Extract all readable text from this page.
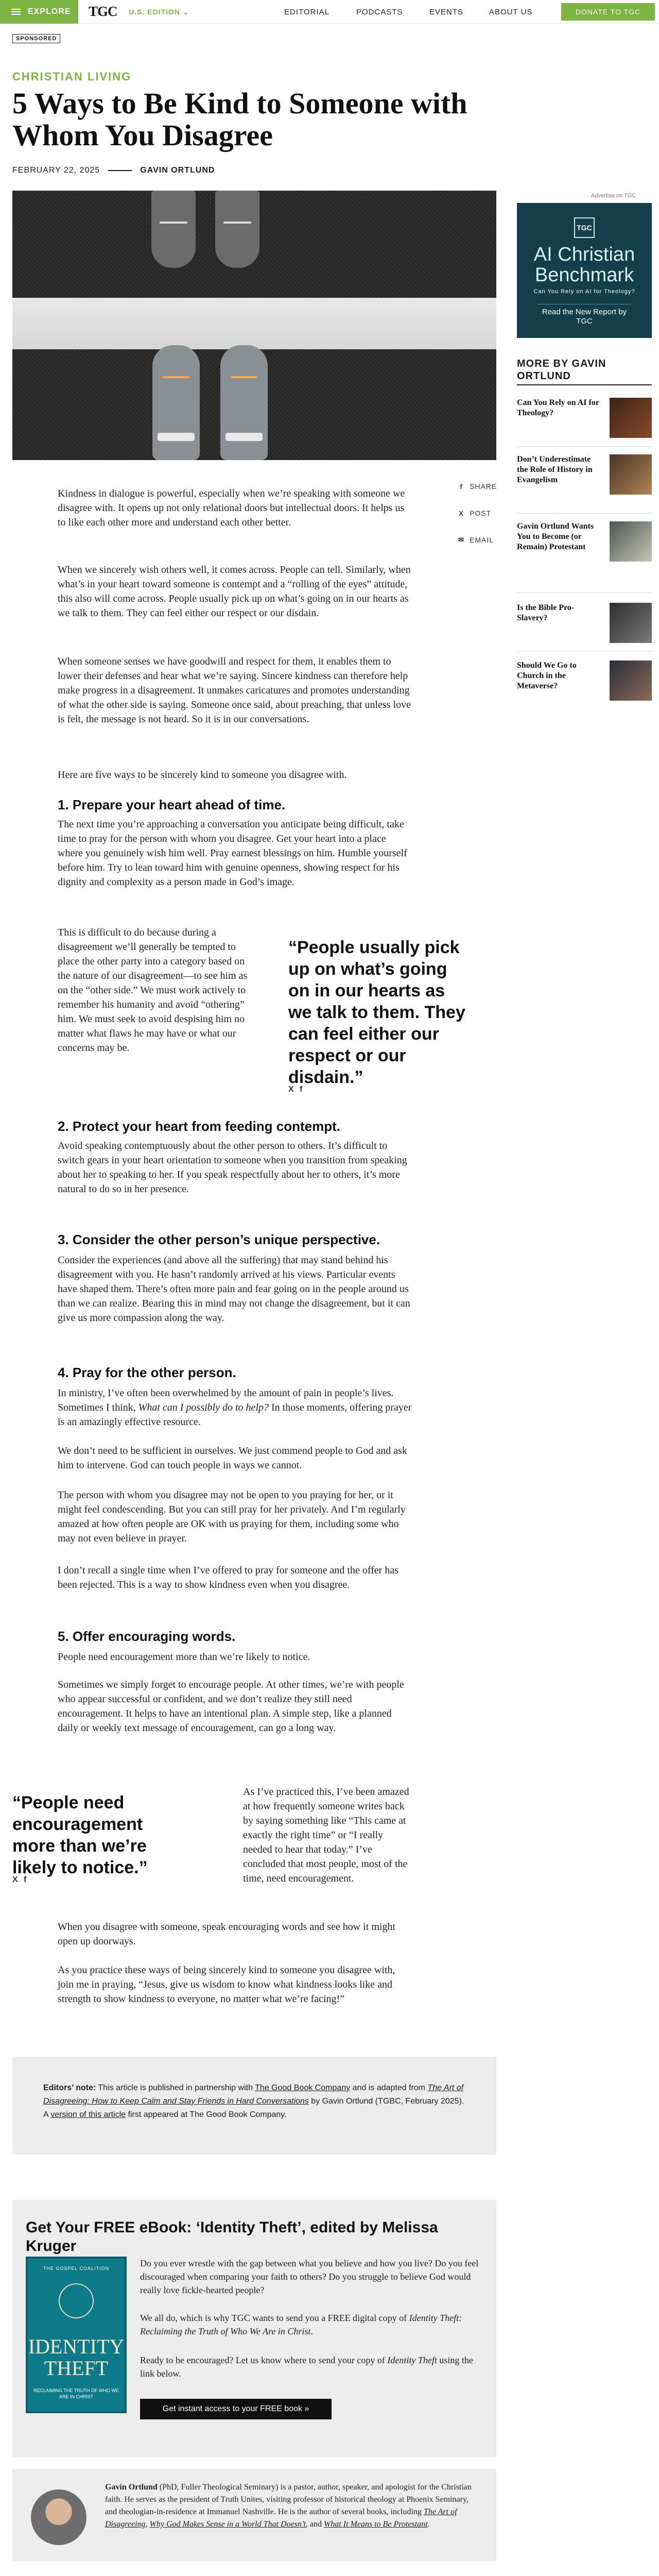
EXPLORE TGC U.S. EDITION ⌄	EDITORIAL	PODCASTS	EVENTS	ABOUT US	DONATE TO TGC
SPONSORED
CHRISTIAN LIVING
5 Ways to Be Kind to Someone with Whom You Disagree
FEBRUARY 22, 2025	GAVIN ORTLUND
Advertise on TGC
TGC
AI Christian Benchmark
Can You Rely on AI for Theology?
Read the New Report by TGC
MORE BY GAVIN ORTLUND
Can You Rely on AI for Theology?
Don’t Underestimate the Role of History in Evangelism
Gavin Ortlund Wants You to Become (or Remain) Protestant
Is the Bible Pro-Slavery?
Should We Go to Church in the Metaverse?
f SHARE
X POST
✉ EMAIL

Kindness in dialogue is powerful, especially when we’re speaking with someone we disagree with. It opens up not only relational doors but intellectual doors. It helps us to like each other more and understand each other better.

When we sincerely wish others well, it comes across. People can tell. Similarly, when what’s in your heart toward someone is contempt and a “rolling of the eyes” attitude, this also will come across. People usually pick up on what’s going on in our hearts as we talk to them. They can feel either our respect or our disdain.

When someone senses we have goodwill and respect for them, it enables them to lower their defenses and hear what we’re saying. Sincere kindness can therefore help make progress in a disagreement. It unmakes caricatures and promotes understanding of what the other side is saying. Someone once said, about preaching, that unless love is felt, the message is not heard. So it is in our conversations.

Here are five ways to be sincerely kind to someone you disagree with.

1. Prepare your heart ahead of time.

The next time you’re approaching a conversation you anticipate being difficult, take time to pray for the person with whom you disagree. Get your heart into a place where you genuinely wish him well. Pray earnest blessings on him. Humble yourself before him. Try to lean toward him with genuine openness, showing respect for his dignity and complexity as a person made in God’s image.

This is difficult to do because during a disagreement we’ll generally be tempted to place the other party into a category based on the nature of our disagreement—to see him as on the “other side.” We must work actively to remember his humanity and avoid “othering” him. We must seek to avoid despising him no matter what flaws he may have or what our concerns may be.

“People usually pick up on what’s going on in our hearts as we talk to them. They can feel either our respect or our disdain.”
X f
2. Protect your heart from feeding contempt.

Avoid speaking contemptuously about the other person to others. It’s difficult to switch gears in your heart orientation to someone when you transition from speaking about her to speaking to her. If you speak respectfully about her to others, it’s more natural to do so in her presence.

3. Consider the other person’s unique perspective.

Consider the experiences (and above all the suffering) that may stand behind his disagreement with you. He hasn’t randomly arrived at his views. Particular events have shaped them. There’s often more pain and fear going on in the people around us than we can realize. Bearing this in mind may not change the disagreement, but it can give us more compassion along the way.

4. Pray for the other person.

In ministry, I’ve often been overwhelmed by the amount of pain in people’s lives. Sometimes I think, What can I possibly do to help? In those moments, offering prayer is an amazingly effective resource.

We don’t need to be sufficient in ourselves. We just commend people to God and ask him to intervene. God can touch people in ways we cannot.

The person with whom you disagree may not be open to you praying for her, or it might feel condescending. But you can still pray for her privately. And I’m regularly amazed at how often people are OK with us praying for them, including some who may not even believe in prayer.

I don’t recall a single time when I’ve offered to pray for someone and the offer has been rejected. This is a way to show kindness even when you disagree.

5. Offer encouraging words.

People need encouragement more than we’re likely to notice.

Sometimes we simply forget to encourage people. At other times, we’re with people who appear successful or confident, and we don’t realize they still need encouragement. It helps to have an intentional plan. A simple step, like a planned daily or weekly text message of encouragement, can go a long way.

“People need encouragement more than we’re likely to notice.”
X f

As I’ve practiced this, I’ve been amazed at how frequently someone writes back by saying something like “This came at exactly the right time” or “I really needed to hear that today.” I’ve concluded that most people, most of the time, need encouragement.

When you disagree with someone, speak encouraging words and see how it might open up doorways.

As you practice these ways of being sincerely kind to someone you disagree with, join me in praying, “Jesus, give us wisdom to know what kindness looks like and strength to show kindness to everyone, no matter what we’re facing!”

Editors’ note: This article is published in partnership with The Good Book Company and is adapted from The Art of Disagreeing: How to Keep Calm and Stay Friends in Hard Conversations by Gavin Ortlund (TGBC, February 2025). A version of this article first appeared at The Good Book Company.
Get Your FREE eBook: ‘Identity Theft’, edited by Melissa Kruger
THE GOSPEL COALITION
IDENTITY THEFT
RECLAIMING THE TRUTH OF WHO WE ARE IN CHRIST

Do you ever wrestle with the gap between what you believe and how you live? Do you feel discouraged when comparing your faith to others? Do you struggle to believe God would really love fickle-hearted people?

We all do, which is why TGC wants to send you a FREE digital copy of Identity Theft: Reclaiming the Truth of Who We Are in Christ.

Ready to be encouraged? Let us know where to send your copy of Identity Theft using the link below.

Get instant access to your FREE book »
Gavin Ortlund (PhD, Fuller Theological Seminary) is a pastor, author, speaker, and apologist for the Christian faith. He serves as the president of Truth Unites, visiting professor of historical theology at Phoenix Seminary, and theologian-in-residence at Immanuel Nashville. He is the author of several books, including The Art of Disagreeing, Why God Makes Sense in a World That Doesn’t, and What It Means to Be Protestant.
